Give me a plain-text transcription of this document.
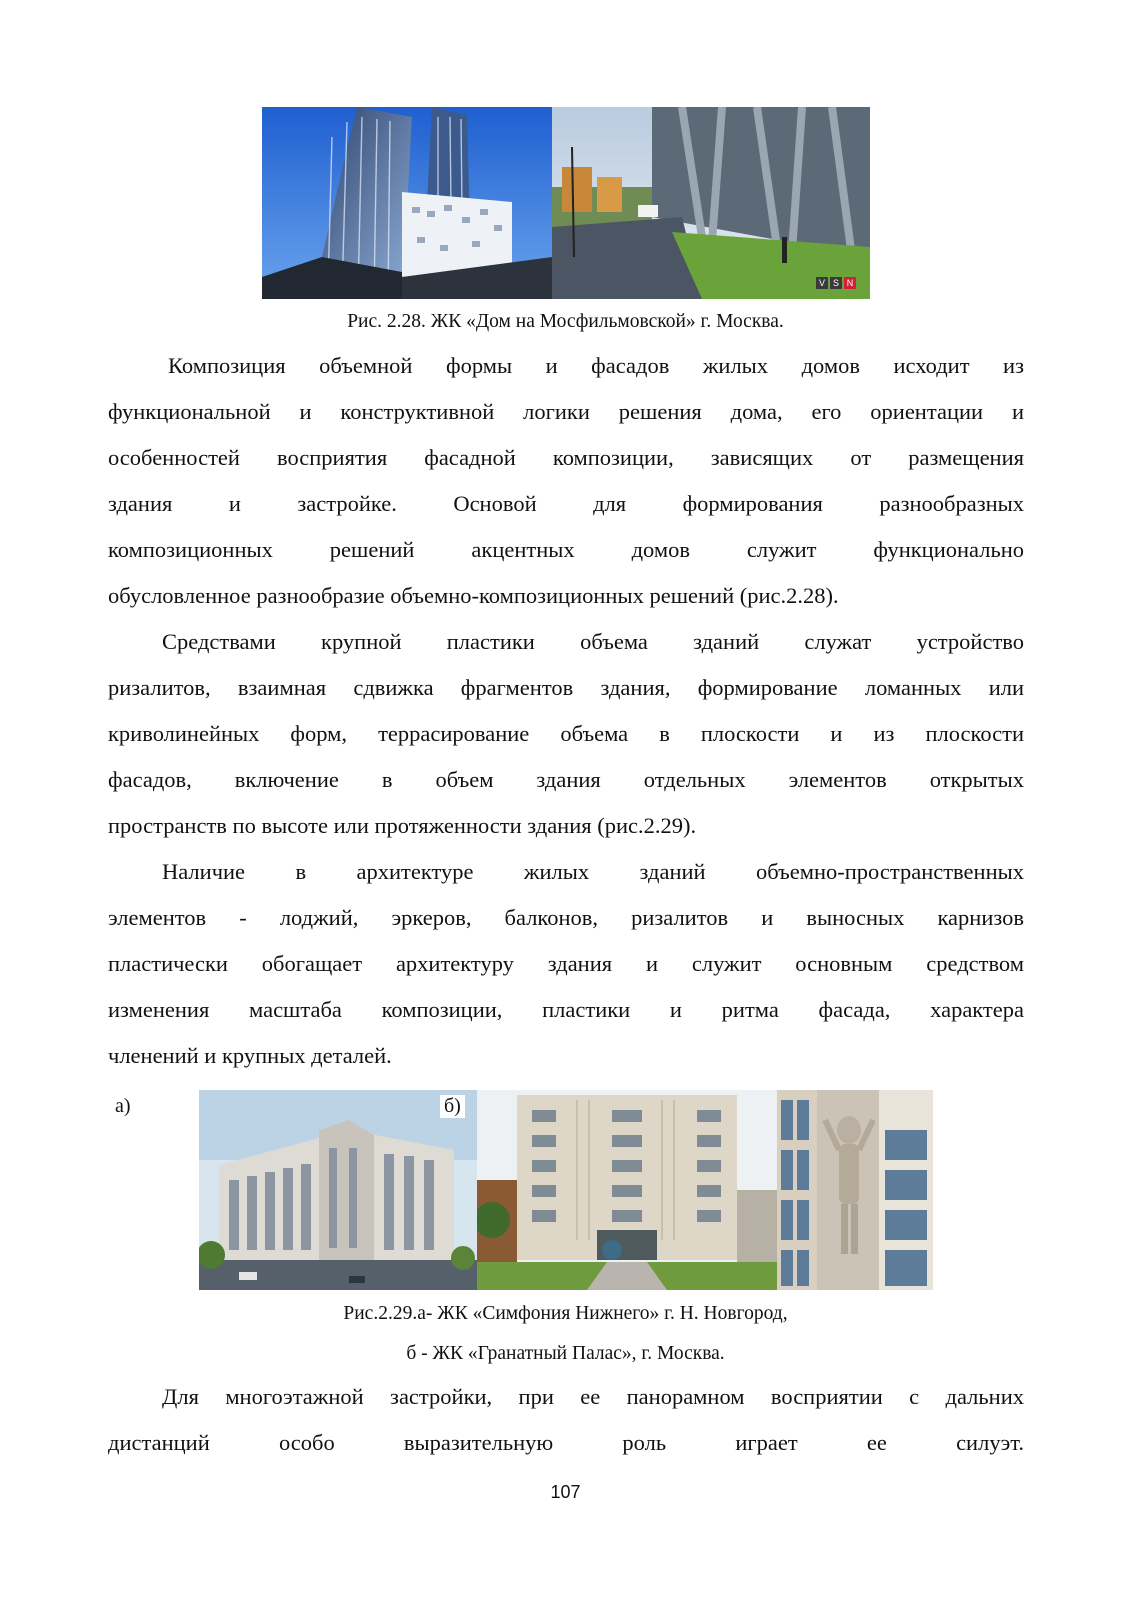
V S N
Рис. 2.28. ЖК «Дом на Мосфильмовской» г. Москва.
Композиция объемной формы и фасадов жилых домов исходит из
функциональной и конструктивной логики решения дома, его ориентации и
особенностей восприятия фасадной композиции, зависящих от размещения
здания и застройке. Основой для формирования разнообразных
композиционных решений акцентных домов служит функционально
обусловленное разнообразие объемно-композиционных решений (рис.2.28).
Средствами крупной пластики объема зданий служат устройство
ризалитов, взаимная сдвижка фрагментов здания, формирование ломанных или
криволинейных форм, террасирование объема в плоскости и из плоскости
фасадов, включение в объем здания отдельных элементов открытых
пространств по высоте или протяженности здания (рис.2.29).
Наличие в архитектуре жилых зданий объемно-пространственных
элементов - лоджий, эркеров, балконов, ризалитов и выносных карнизов
пластически обогащает архитектуру здания и служит основным средством
изменения масштаба композиции, пластики и ритма фасада, характера
членений и крупных деталей.
а)	б)
Рис.2.29.а- ЖК «Симфония Нижнего» г. Н. Новгород,
б - ЖК «Гранатный Палас», г. Москва.
Для многоэтажной застройки, при ее панорамном восприятии с дальних
дистанций особо выразительную роль играет ее силуэт.
107
